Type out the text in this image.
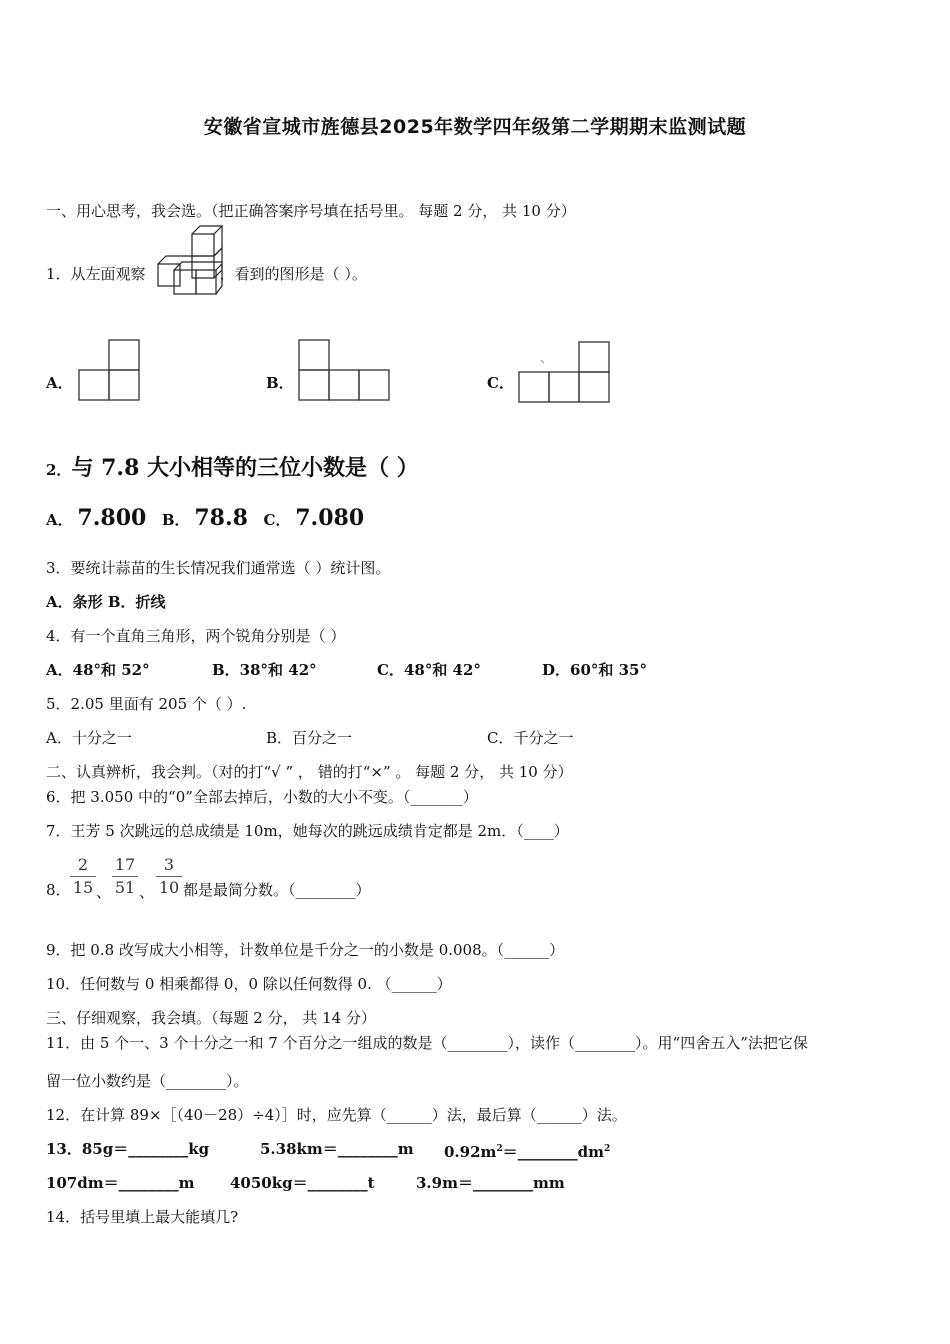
安徽省宣城市旌德县2025年数学四年级第二学期期末监测试题
一、用心思考，我会选。（把正确答案序号填在括号里。 每题 2 分， 共 10 分）
1．从左面观察	，看到的图形是（ ）。
A．	B．	C．
2．与 7.8 大小相等的三位小数是（ ）
A． 7.800 B． 78.8 C． 7.080
3．要统计蒜苗的生长情况我们通常选（ ）统计图。
A．条形 B．折线
4．有一个直角三角形，两个锐角分别是（ ）
A．48°和 52°	B．38°和 42°	C．48°和 42°	D．60°和 35°
5．2.05 里面有 205 个（ ）.
A．十分之一	B．百分之一	C．千分之一
二、认真辨析，我会判。（对的打“√ ” ， 错的打“×” 。 每题 2 分， 共 10 分）
6．把 3.050 中的“0”全部去掉后，小数的大小不变。（_______）
7．王芳 5 次跳远的总成绩是 10m，她每次的跳远成绩肯定都是 2m．（____）
8．
2
15 、
17
51 、
3
10 都是最简分数。（________）
9．把 0.8 改写成大小相等，计数单位是千分之一的小数是 0.008。（______）
10．任何数与 0 相乘都得 0，0 除以任何数得 0. （______）
三、仔细观察，我会填。（每题 2 分， 共 14 分）
11．由 5 个一、3 个十分之一和 7 个百分之一组成的数是（________），读作（________）。用“四舍五入”法把它保
留一位小数约是（________）。
12．在计算 89×［（40－28）÷4）］时，应先算（______）法，最后算（______）法。
13．85g＝________kg	5.38km＝________m $0.92m^2=\_\_\_\_\_\_\_\_dm^2$
107dm＝________m 4050kg＝________t	3.9m＝________mm
14．括号里填上最大能填几?
